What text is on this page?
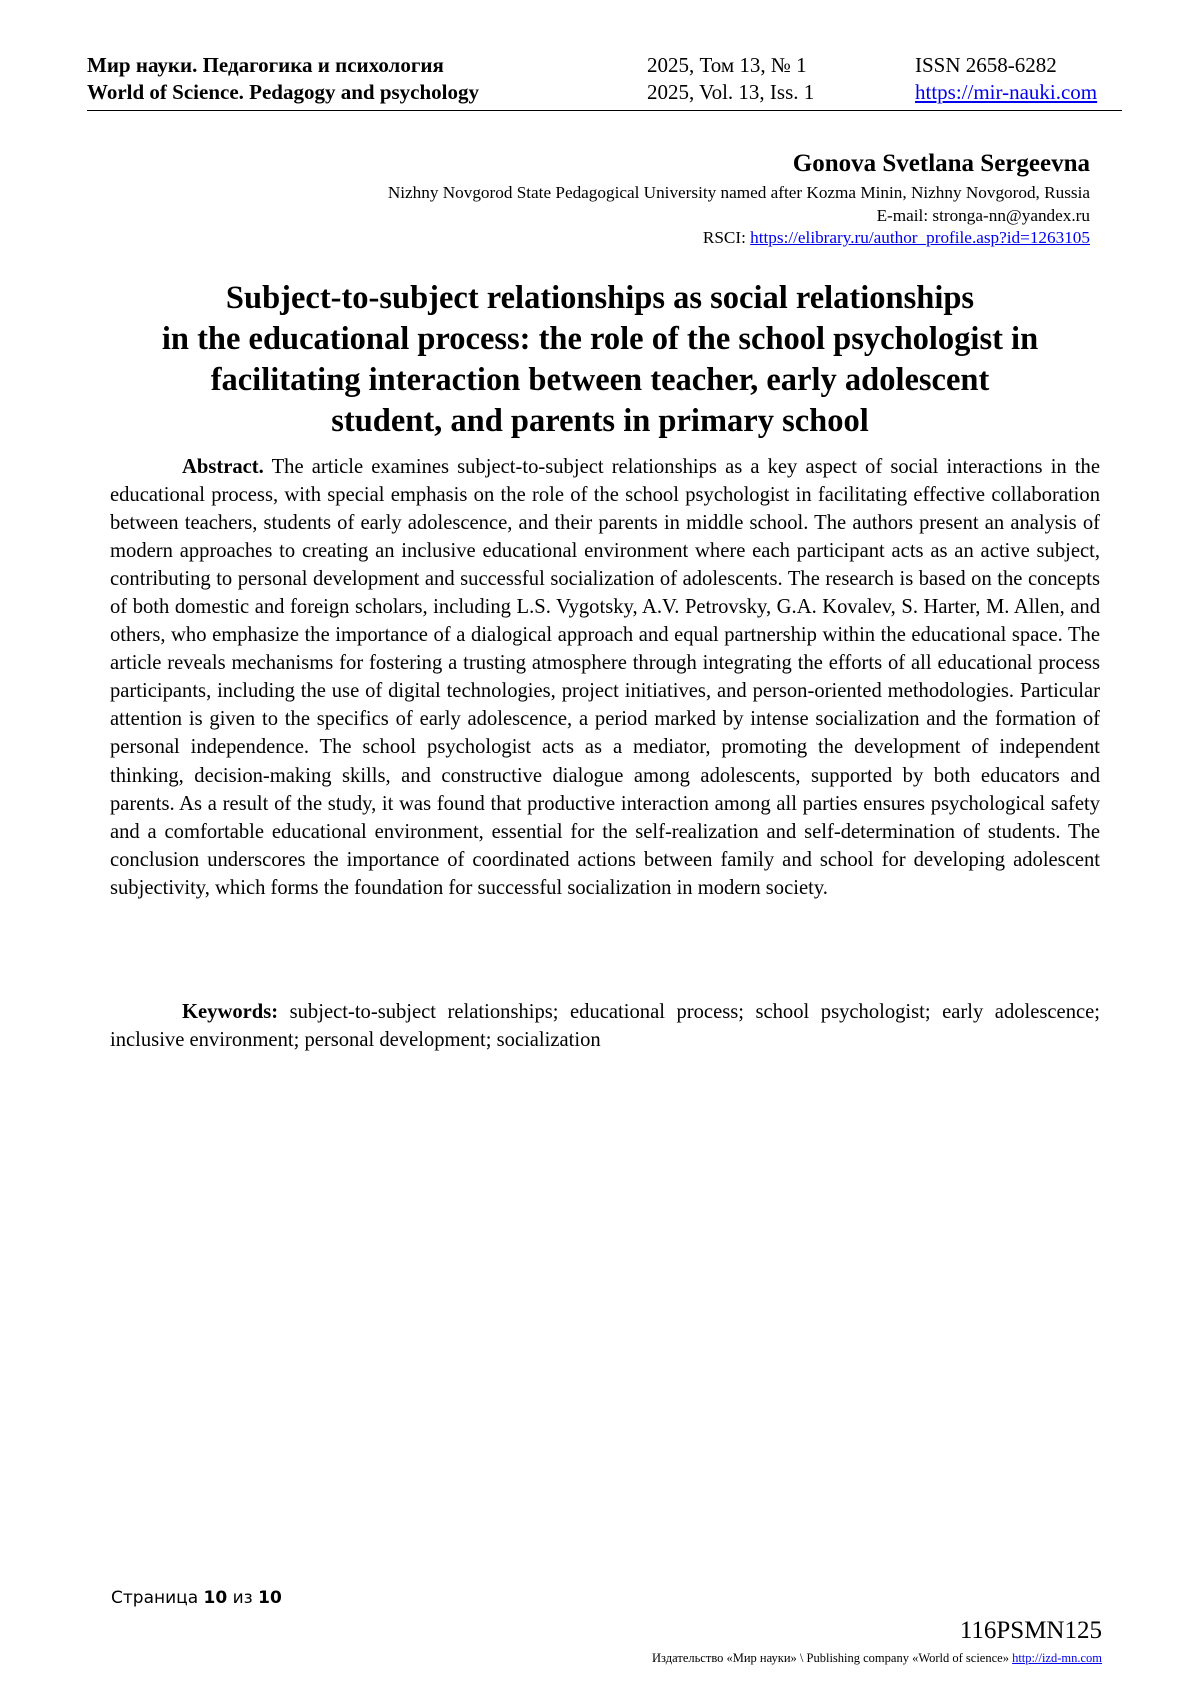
Мир науки. Педагогика и психология	2025, Том 13, № 1	ISSN 2658-6282
World of Science. Pedagogy and psychology	2025, Vol. 13, Iss. 1	https://mir-nauki.com
Gonova Svetlana Sergeevna
Nizhny Novgorod State Pedagogical University named after Kozma Minin, Nizhny Novgorod, Russia
E-mail: stronga-nn@yandex.ru
RSCI: https://elibrary.ru/author_profile.asp?id=1263105
Subject-to-subject relationships as social relationships
in the educational process: the role of the school psychologist in
facilitating interaction between teacher, early adolescent
student, and parents in primary school
Abstract. The article examines subject-to-subject relationships as a key aspect of social interactions in the educational process, with special emphasis on the role of the school psychologist in facilitating effective collaboration between teachers, students of early adolescence, and their parents in middle school. The authors present an analysis of modern approaches to creating an inclusive educational environment where each participant acts as an active subject, contributing to personal development and successful socialization of adolescents. The research is based on the concepts of both domestic and foreign scholars, including L.S. Vygotsky, A.V. Petrovsky, G.A. Kovalev, S. Harter, M. Allen, and others, who emphasize the importance of a dialogical approach and equal partnership within the educational space. The article reveals mechanisms for fostering a trusting atmosphere through integrating the efforts of all educational process participants, including the use of digital technologies, project initiatives, and person-oriented methodologies. Particular attention is given to the specifics of early adolescence, a period marked by intense socialization and the formation of personal independence. The school psychologist acts as a mediator, promoting the development of independent thinking, decision-making skills, and constructive dialogue among adolescents, supported by both educators and parents. As a result of the study, it was found that productive interaction among all parties ensures psychological safety and a comfortable educational environment, essential for the self-realization and self-determination of students. The conclusion underscores the importance of coordinated actions between family and school for developing adolescent subjectivity, which forms the foundation for successful socialization in modern society.
Keywords: subject-to-subject relationships; educational process; school psychologist; early adolescence; inclusive environment; personal development; socialization
Страница 10 из 10
116PSMN125
Издательство «Мир науки» \ Publishing company «World of science» http://izd-mn.com
